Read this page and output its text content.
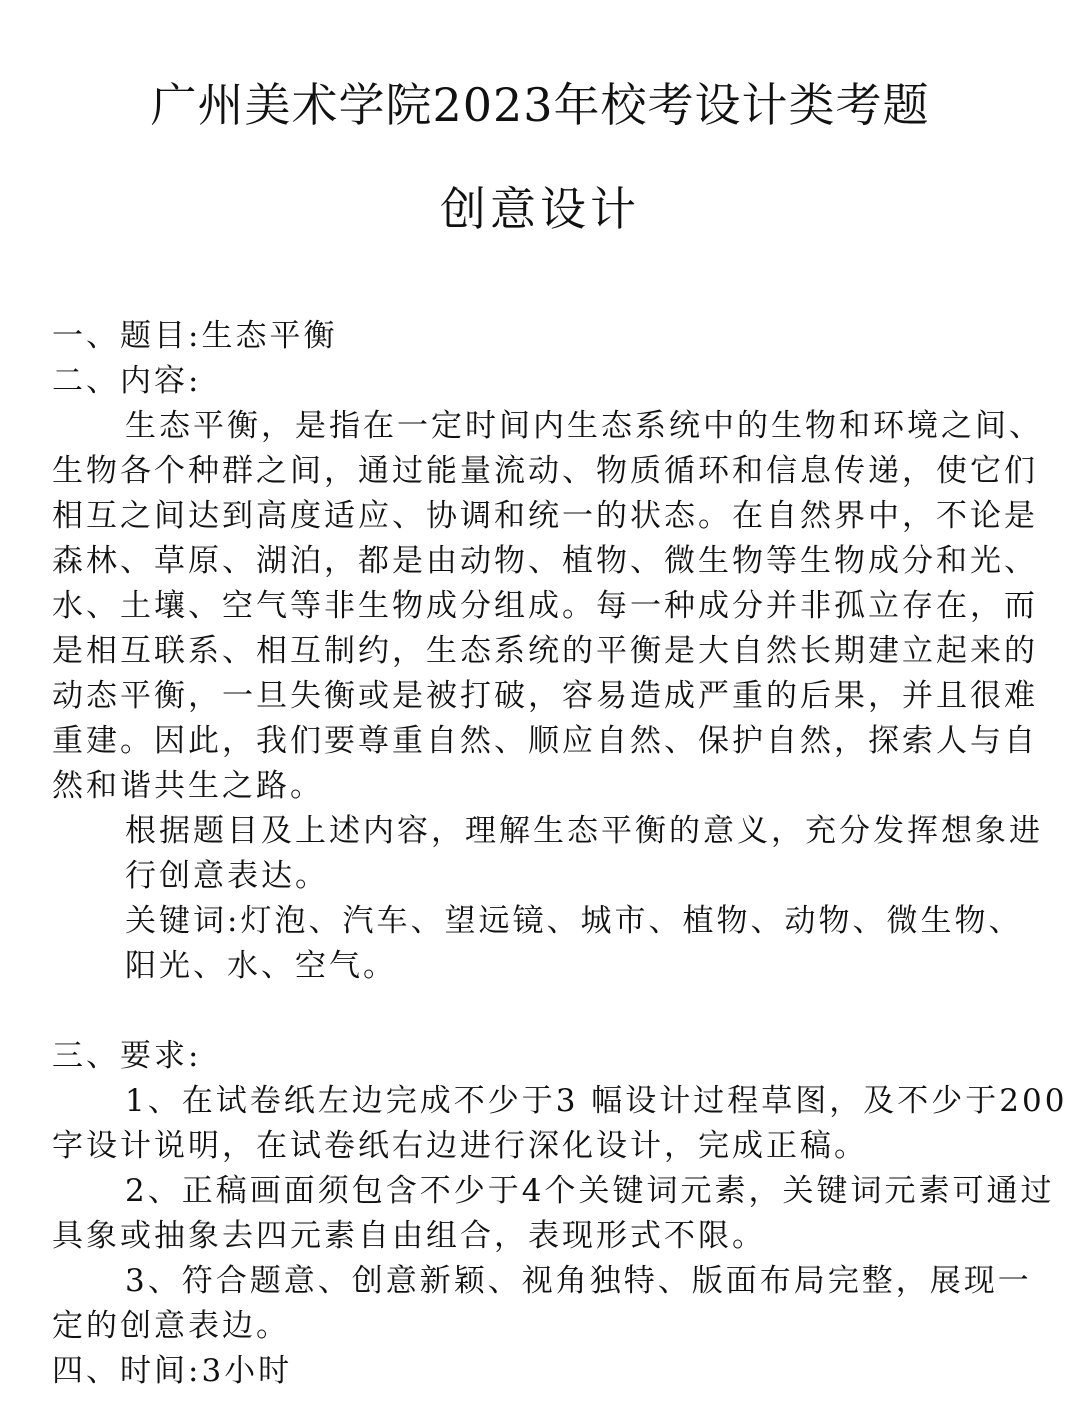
广州美术学院2023年校考设计类考题
创意设计
一、题目:生态平衡
二、内容:
生态平衡，是指在一定时间内生态系统中的生物和环境之间、
生物各个种群之间，通过能量流动、物质循环和信息传递，使它们
相互之间达到高度适应、协调和统一的状态。在自然界中，不论是
森林、草原、湖泊，都是由动物、植物、微生物等生物成分和光、
水、土壤、空气等非生物成分组成。每一种成分并非孤立存在，而
是相互联系、相互制约，生态系统的平衡是大自然长期建立起来的
动态平衡，一旦失衡或是被打破，容易造成严重的后果，并且很难
重建。因此，我们要尊重自然、顺应自然、保护自然，探索人与自
然和谐共生之路。
根据题目及上述内容，理解生态平衡的意义，充分发挥想象进
行创意表达。
关键词:灯泡、汽车、望远镜、城市、植物、动物、微生物、
阳光、水、空气。
三、要求:
1、在试卷纸左边完成不少于3 幅设计过程草图，及不少于200
字设计说明，在试卷纸右边进行深化设计，完成正稿。
2、正稿画面须包含不少于4个关键词元素，关键词元素可通过
具象或抽象去四元素自由组合，表现形式不限。
3、符合题意、创意新颖、视角独特、版面布局完整，展现一
定的创意表边。
四、时间:3小时
